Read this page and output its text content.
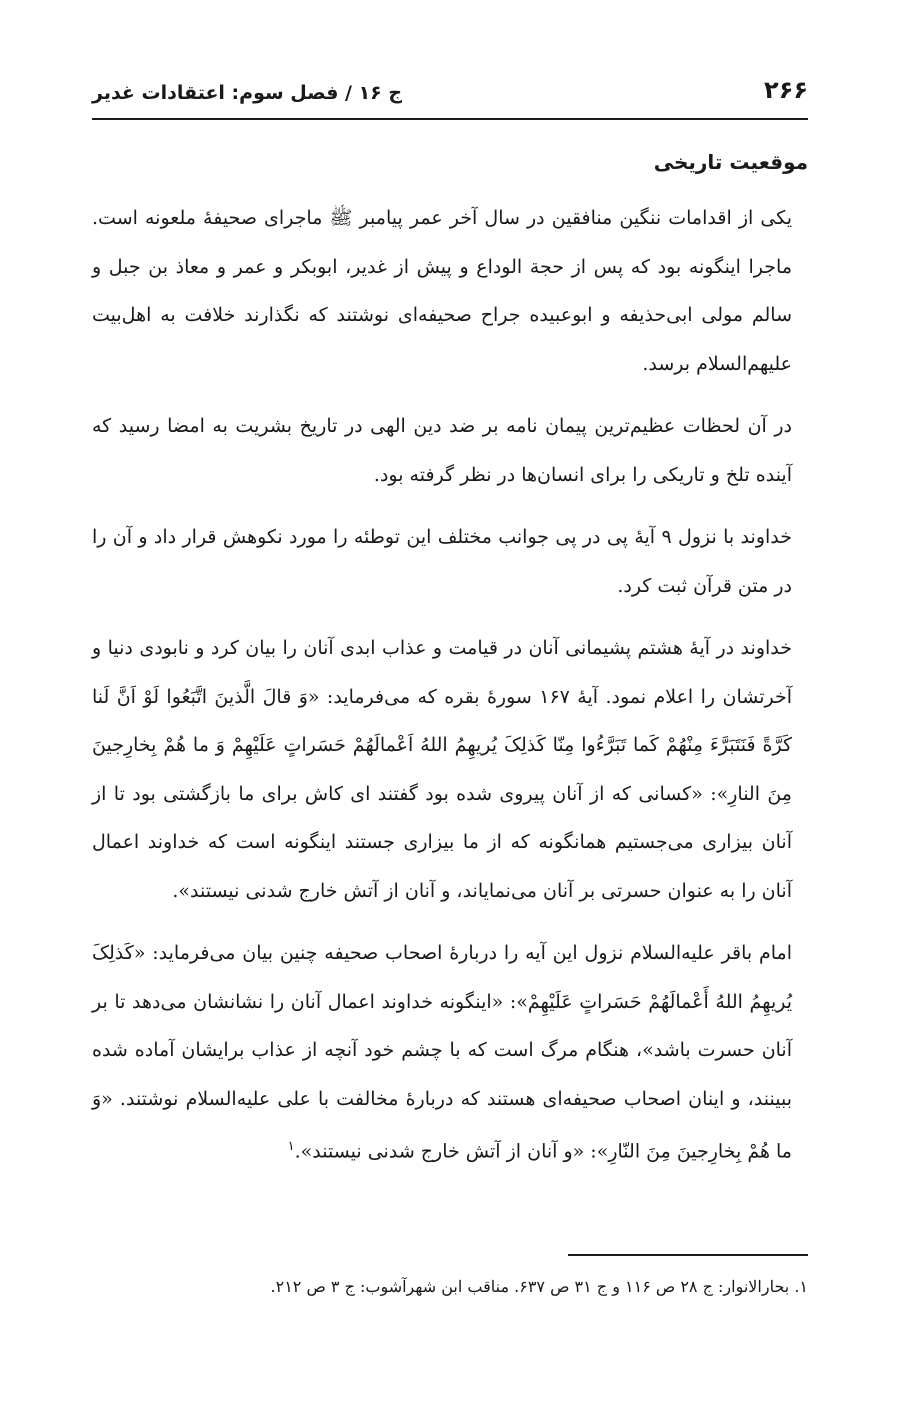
۲۶۶
ج ۱۶ / فصل سوم: اعتقادات غدیر
موقعیت تاریخی

یکی از اقدامات ننگین منافقین در سال آخر عمر پیامبر ﷺ ماجرای صحیفهٔ ملعونه است. ماجرا اینگونه بود که پس از حجة الوداع و پیش از غدیر، ابوبکر و عمر و معاذ بن جبل و سالم مولی ابی‌حذیفه و ابوعبیده جراح صحیفه‌ای نوشتند که نگذارند خلافت به اهل‌بیت علیهم‌السلام برسد.

در آن لحظات عظیم‌ترین پیمان نامه بر ضد دین الهی در تاریخ بشریت به امضا رسید که آینده تلخ و تاریکی را برای انسان‌ها در نظر گرفته بود.

خداوند با نزول ۹ آیهٔ پی در پی جوانب مختلف این توطئه را مورد نکوهش قرار داد و آن را در متن قرآن ثبت کرد.

خداوند در آیهٔ هشتم پشیمانی آنان در قیامت و عذاب ابدی آنان را بیان کرد و نابودی دنیا و آخرتشان را اعلام نمود. آیهٔ ۱۶۷ سورهٔ بقره که می‌فرماید: «وَ قالَ الَّذینَ اتَّبَعُوا لَوْ اَنَّ لَنا کَرَّةً فَنَتَبَرَّءَ مِنْهُمْ کَما تَبَرَّءُوا مِنّا کَذلِکَ یُریهِمُ اللهُ اَعْمالَهُمْ حَسَراتٍ عَلَیْهِمْ وَ ما هُمْ بِخارِجینَ مِنَ النارِ»: «کسانی که از آنان پیروی شده بود گفتند ای کاش برای ما بازگشتی بود تا از آنان بیزاری می‌جستیم همانگونه که از ما بیزاری جستند اینگونه است که خداوند اعمال آنان را به عنوان حسرتی بر آنان می‌نمایاند، و آنان از آتش خارج شدنی نیستند».

امام باقر علیه‌السلام نزول این آیه را دربارهٔ اصحاب صحیفه چنین بیان می‌فرماید: «کَذلِکَ یُریهِمُ اللهُ أَعْمالَهُمْ حَسَراتٍ عَلَیْهِمْ»: «اینگونه خداوند اعمال آنان را نشانشان می‌دهد تا بر آنان حسرت باشد»، هنگام مرگ است که با چشم خود آنچه از عذاب برایشان آماده شده ببینند، و اینان اصحاب صحیفه‌ای هستند که دربارهٔ مخالفت با علی علیه‌السلام نوشتند. «وَ ما هُمْ بِخارِجینَ مِنَ النّارِ»: «و آنان از آتش خارج شدنی نیستند».$^۱$

۱. بحارالانوار: ج ۲۸ ص ۱۱۶ و ج ۳۱ ص ۶۳۷. مناقب ابن شهرآشوب: ج ۳ ص ۲۱۲.
